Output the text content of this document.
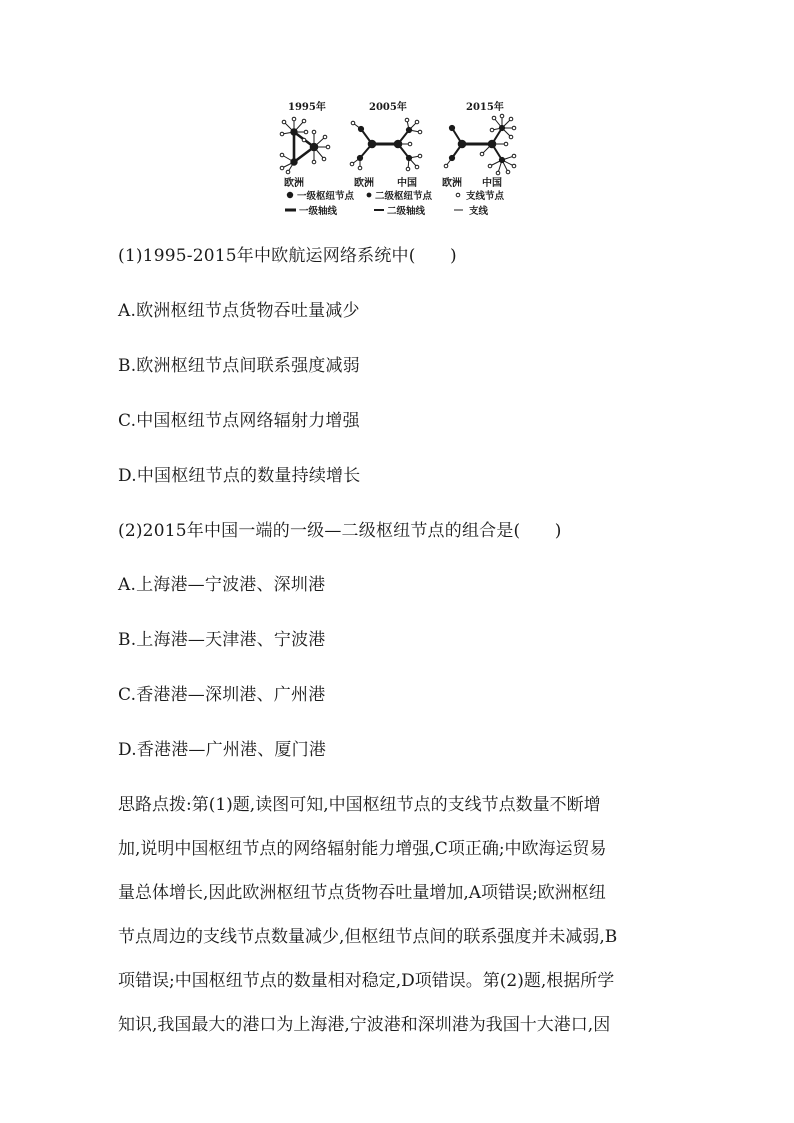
1995年	2005年	2015年
欧洲	欧洲 中国	欧洲 中国
一级枢纽节点 二级枢纽节点	支线节点
一级轴线	二级轴线	支线
(1)1995-2015年中欧航运网络系统中(　　)
A.欧洲枢纽节点货物吞吐量减少
B.欧洲枢纽节点间联系强度减弱
C.中国枢纽节点网络辐射力增强
D.中国枢纽节点的数量持续增长
(2)2015年中国一端的一级—二级枢纽节点的组合是(　　)
A.上海港—宁波港、深圳港
B.上海港—天津港、宁波港
C.香港港—深圳港、广州港
D.香港港—广州港、厦门港
思路点拨:第(1)题,读图可知,中国枢纽节点的支线节点数量不断增
加,说明中国枢纽节点的网络辐射能力增强,C项正确;中欧海运贸易
量总体增长,因此欧洲枢纽节点货物吞吐量增加,A项错误;欧洲枢纽
节点周边的支线节点数量减少,但枢纽节点间的联系强度并未减弱,B
项错误;中国枢纽节点的数量相对稳定,D项错误。第(2)题,根据所学
知识,我国最大的港口为上海港,宁波港和深圳港为我国十大港口,因
